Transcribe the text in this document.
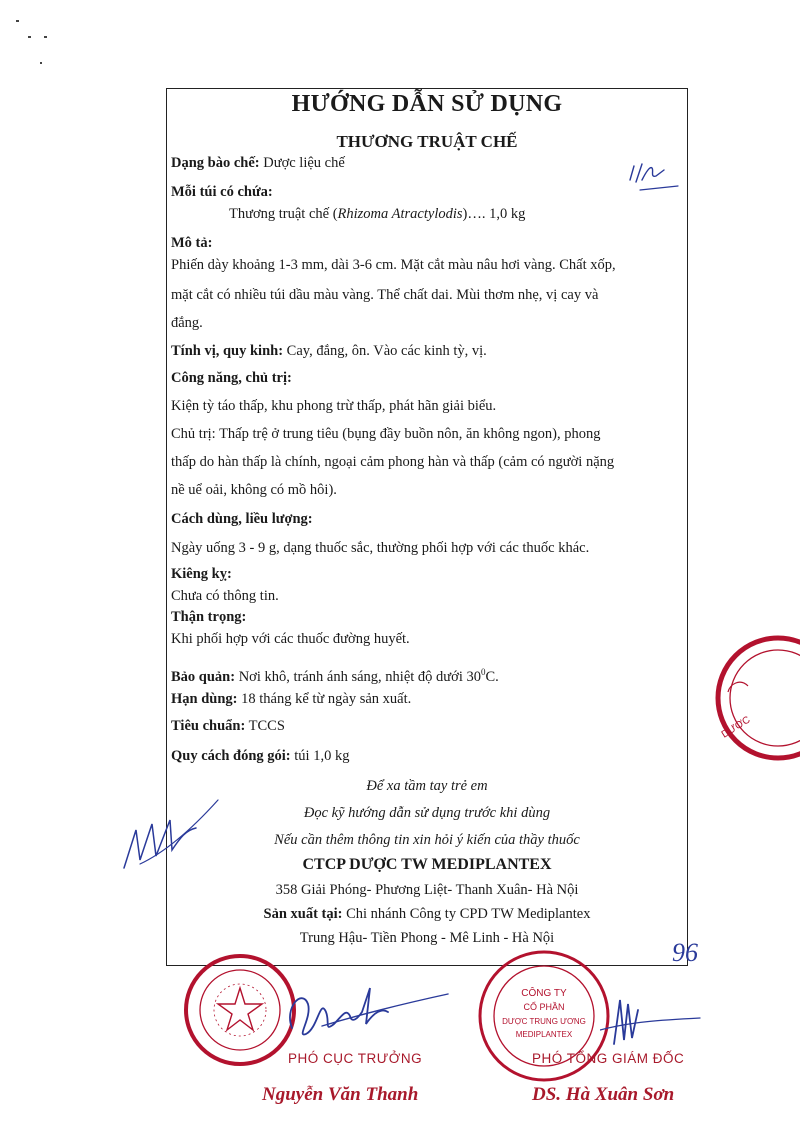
HƯỚNG DẪN SỬ DỤNG
THƯƠNG TRUẬT CHẾ

Dạng bào chế: Dược liệu chế

Mỗi túi có chứa:

Thương truật chế (Rhizoma Atractylodis)…. 1,0 kg

Mô tả:

Phiến dày khoảng 1-3 mm, dài 3-6 cm. Mặt cắt màu nâu hơi vàng. Chất xốp,

mặt cắt có nhiều túi dầu màu vàng. Thể chất dai. Mùi thơm nhẹ, vị cay và

đắng.

Tính vị, quy kinh: Cay, đắng, ôn. Vào các kinh tỳ, vị.

Công năng, chủ trị:

Kiện tỳ táo thấp, khu phong trừ thấp, phát hãn giải biểu.

Chủ trị: Thấp trệ ở trung tiêu (bụng đầy buồn nôn, ăn không ngon), phong

thấp do hàn thấp là chính, ngoại cảm phong hàn và thấp (cảm có người nặng

nề uể oải, không có mồ hôi).

Cách dùng, liều lượng:

Ngày uống 3 - 9 g, dạng thuốc sắc, thường phối hợp với các thuốc khác.

Kiêng kỵ:

Chưa có thông tin.

Thận trọng:

Khi phối hợp với các thuốc đường huyết.

Bảo quản: Nơi khô, tránh ánh sáng, nhiệt độ dưới $30^0C$.

Hạn dùng: 18 tháng kể từ ngày sản xuất.

Tiêu chuẩn: TCCS

Quy cách đóng gói: túi 1,0 kg

Để xa tầm tay trẻ em

Đọc kỹ hướng dẫn sử dụng trước khi dùng

Nếu cần thêm thông tin xin hỏi ý kiến của thầy thuốc

CTCP DƯỢC TW MEDIPLANTEX

358 Giải Phóng- Phương Liệt- Thanh Xuân- Hà Nội

Sản xuất tại: Chi nhánh Công ty CPD TW Mediplantex

Trung Hậu- Tiền Phong - Mê Linh - Hà Nội

DƯỢC
CÔNG TY
CỔ PHẦN
DƯỢC TRUNG ƯƠNG
MEDIPLANTEX
PHÓ CỤC TRƯỞNG
Nguyễn Văn Thanh
PHÓ TỔNG GIÁM ĐỐC
DS. Hà Xuân Sơn
96
